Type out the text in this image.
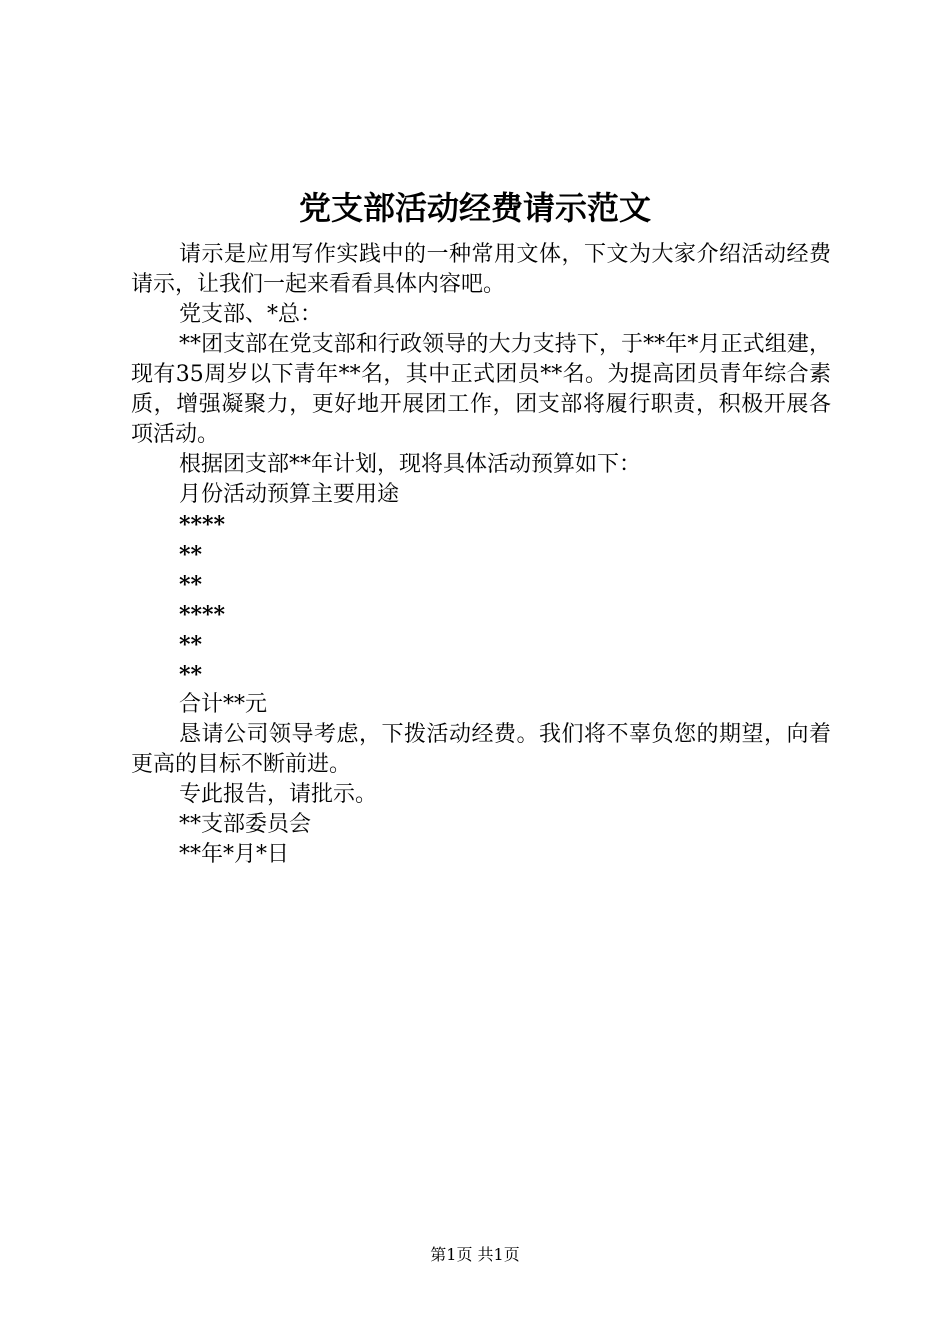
党支部活动经费请示范文

请示是应用写作实践中的一种常用文体，下文为大家介绍活动经费请示，让我们一起来看看具体内容吧。

党支部、*总：

**团支部在党支部和行政领导的大力支持下，于**年*月正式组建，现有35周岁以下青年**名，其中正式团员**名。为提高团员青年综合素质，增强凝聚力，更好地开展团工作，团支部将履行职责，积极开展各项活动。

根据团支部**年计划，现将具体活动预算如下：

月份活动预算主要用途

****

**

**

****

**

**

合计**元

恳请公司领导考虑，下拨活动经费。我们将不辜负您的期望，向着更高的目标不断前进。

专此报告，请批示。

**支部委员会

**年*月*日

第1页 共1页
